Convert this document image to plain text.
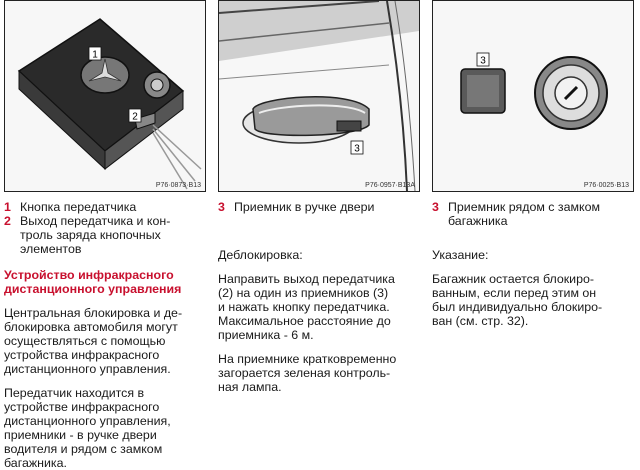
1
2
P76·0873·B13
3
P76·0957·B13A
3
P76·0025·B13
1 Кнопка передатчика
2 Выход передатчика и кон-
троль заряда кнопочных
элементов
Устройство инфракрасного
дистанционного управления

Центральная блокировка и де-
блокировка автомобиля могут
осуществляться с помощью
устройства инфракрасного
дистанционного управления.

Передатчик находится в
устройстве инфракрасного
дистанционного управления,
приемники - в ручке двери
водителя и рядом с замком
багажника.

3 Приемник в ручке двери

Деблокировка:

Направить выход передатчика
(2) на один из приемников (3)
и нажать кнопку передатчика.
Максимальное расстояние до
приемника - 6 м.

На приемнике кратковременно
загорается зеленая контроль-
ная лампа.

3 Приемник рядом с замком
багажника

Указание:

Багажник остается блокиро-
ванным, если перед этим он
был индивидуально блокиро-
ван (см. стр. 32).
